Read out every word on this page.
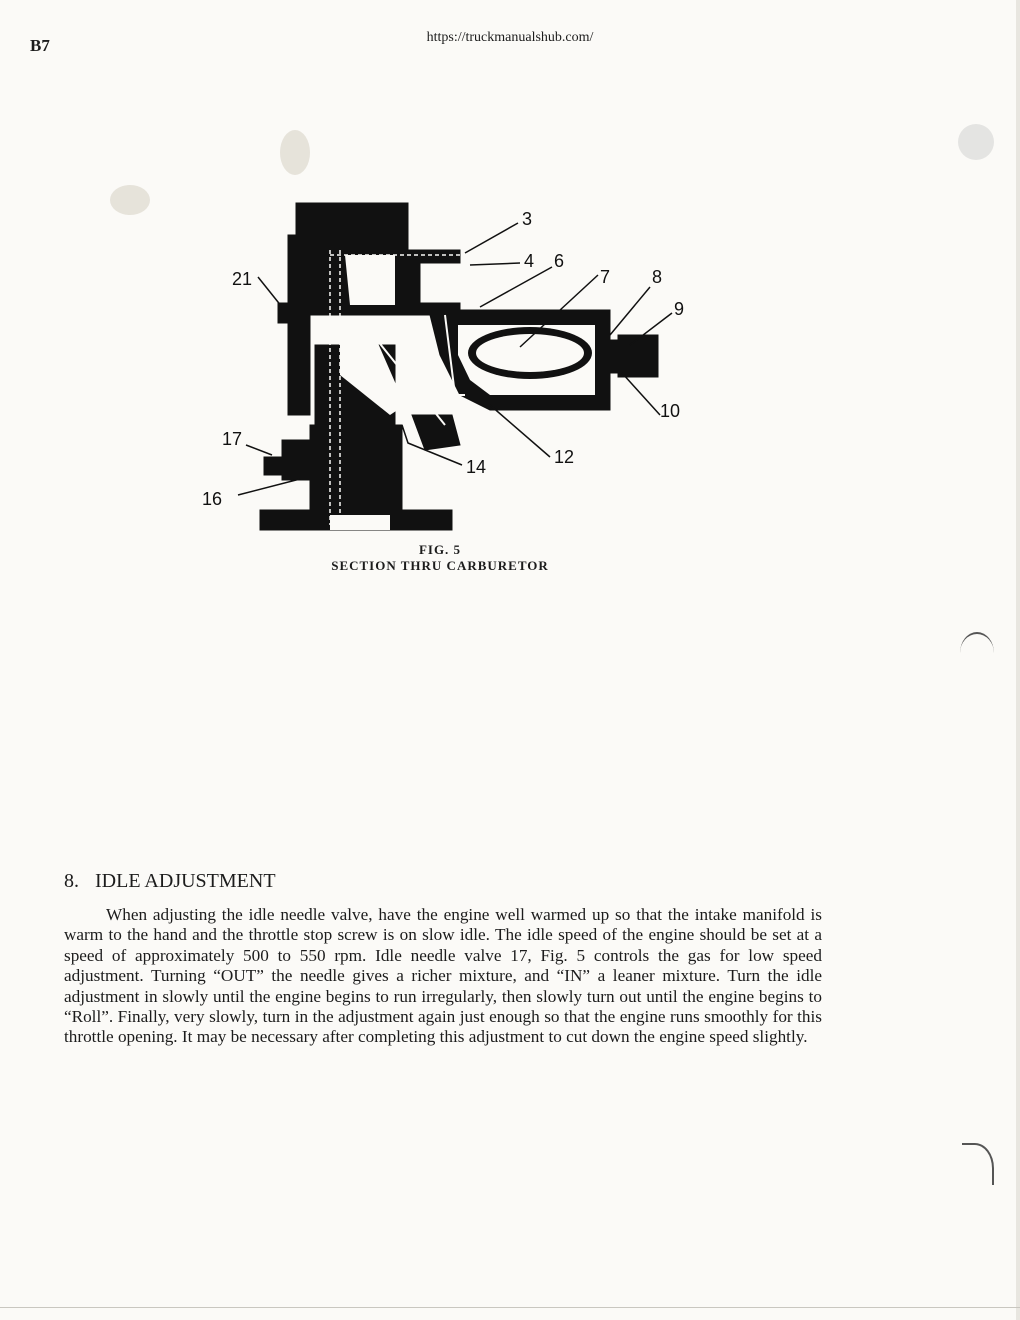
B7	https://truckmanualshub.com/
3
4 6
7 8
9
10
12
14
16
17
21
FIG. 5
SECTION THRU CARBURETOR
8. IDLE ADJUSTMENT

When adjusting the idle needle valve, have the engine well warmed up so that the intake manifold is warm to the hand and the throttle stop screw is on slow idle. The idle speed of the engine should be set at a speed of approximately 500 to 550 rpm. Idle needle valve 17, Fig. 5 controls the gas for low speed adjustment. Turning “OUT” the needle gives a richer mixture, and “IN” a leaner mixture. Turn the idle adjustment in slowly until the engine begins to run irregularly, then slowly turn out until the engine begins to “Roll”. Finally, very slowly, turn in the adjustment again just enough so that the engine runs smoothly for this throttle opening. It may be necessary after completing this adjustment to cut down the engine speed slightly.
